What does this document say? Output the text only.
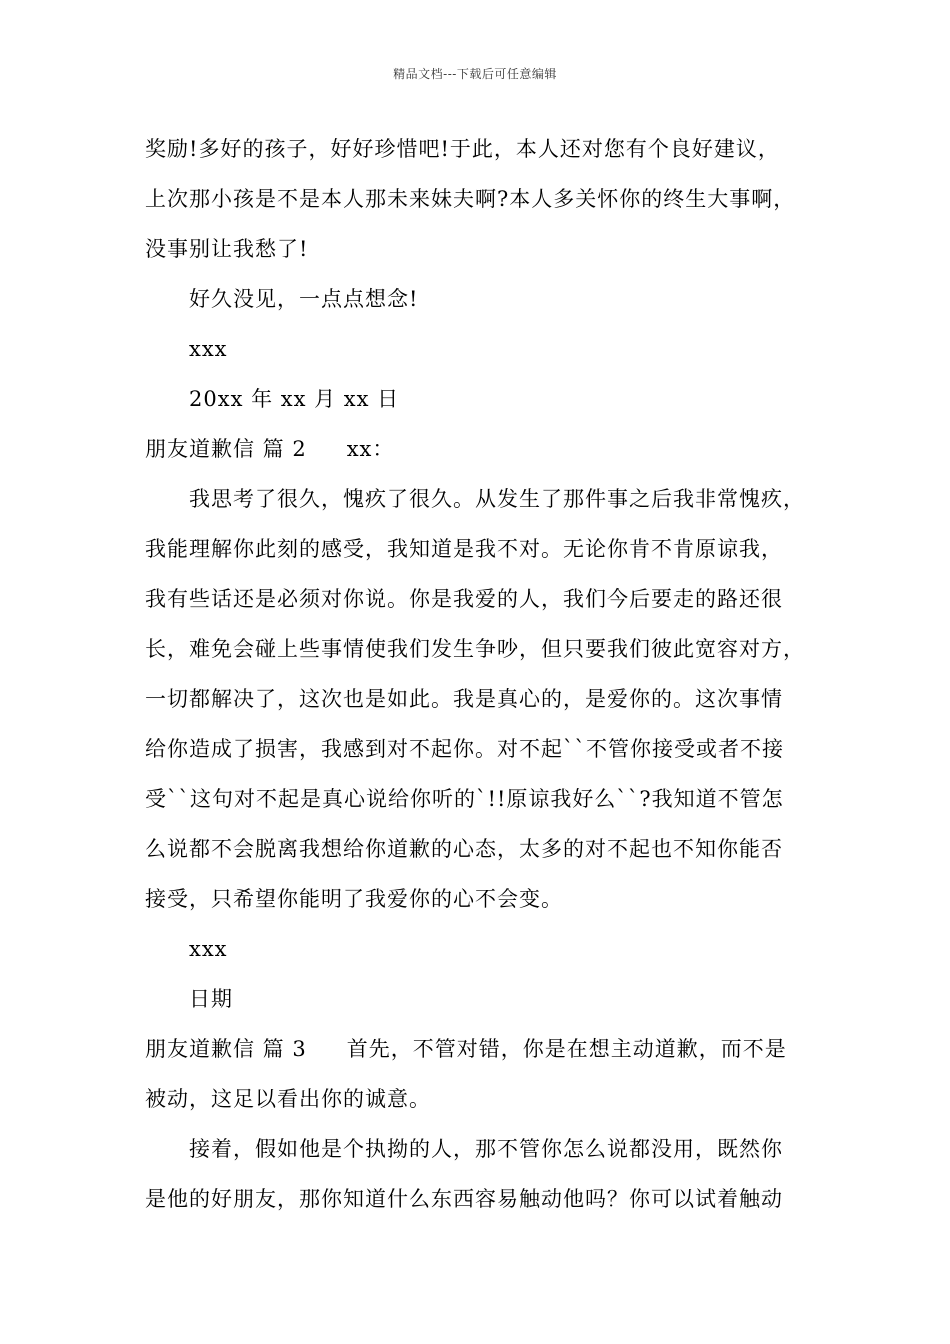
精品文档---下载后可任意编辑
奖励!多好的孩子，好好珍惜吧!于此，本人还对您有个良好建议，
上次那小孩是不是本人那未来妹夫啊?本人多关怀你的终生大事啊，
没事别让我愁了!
好久没见，一点点想念!
xxx
20xx 年 xx 月 xx 日
朋友道歉信 篇 2 xx：
我思考了很久，愧疚了很久。从发生了那件事之后我非常愧疚，
我能理解你此刻的感受，我知道是我不对。无论你肯不肯原谅我，
我有些话还是必须对你说。你是我爱的人，我们今后要走的路还很
长，难免会碰上些事情使我们发生争吵，但只要我们彼此宽容对方，
一切都解决了，这次也是如此。我是真心的，是爱你的。这次事情
给你造成了损害，我感到对不起你。对不起``不管你接受或者不接
受``这句对不起是真心说给你听的`!!原谅我好么``?我知道不管怎
么说都不会脱离我想给你道歉的心态，太多的对不起也不知你能否
接受，只希望你能明了我爱你的心不会变。
xxx
日期
朋友道歉信 篇 3 首先，不管对错，你是在想主动道歉，而不是
被动，这足以看出你的诚意。
接着，假如他是个执拗的人，那不管你怎么说都没用，既然你
是他的好朋友，那你知道什么东西容易触动他吗？你可以试着触动
